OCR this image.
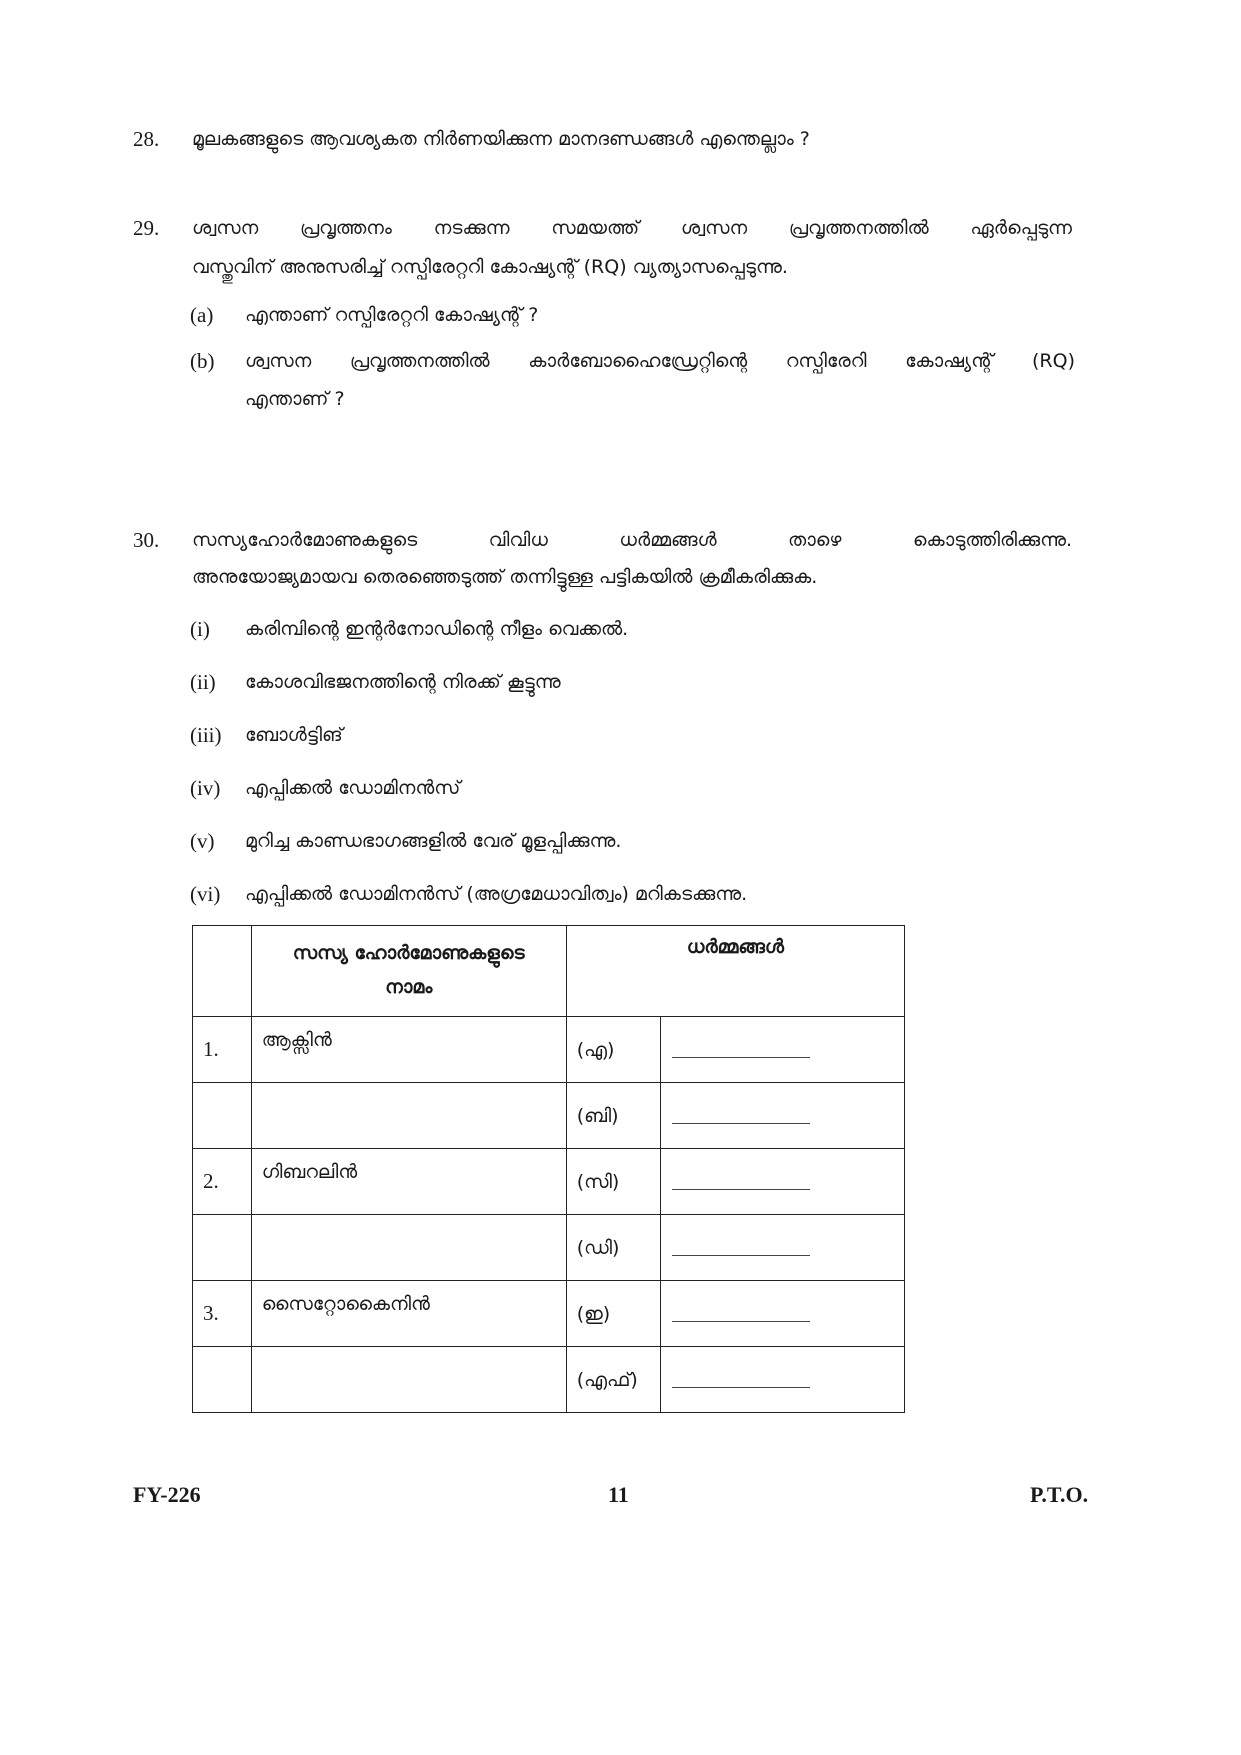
28. മൂലകങ്ങളുടെ ആവശ്യകത നിർണയിക്കുന്ന മാനദണ്ഡങ്ങൾ എന്തെല്ലാം ?
29. ശ്വസന പ്രവൃത്തനം നടക്കുന്ന സമയത്ത് ശ്വസന പ്രവൃത്തനത്തിൽ ഏർപ്പെടുന്ന
വസ്തുവിന് അനുസരിച്ച് റസ്പിരേറ്ററി കോഷ്യന്റ് (RQ) വ്യത്യാസപ്പെടുന്നു.
(a) എന്താണ് റസ്പിരേറ്ററി കോഷ്യന്റ് ?
(b) ശ്വസന പ്രവൃത്തനത്തിൽ കാർബോഹൈഡ്രേറ്റിന്റെ റസ്പിരേറി കോഷ്യന്റ് (RQ)
എന്താണ് ?
30. സസ്യഹോർമോണുകളുടെ വിവിധ ധർമ്മങ്ങൾ താഴെ കൊടുത്തിരിക്കുന്നു.
അനുയോജ്യമായവ തെരഞ്ഞെടുത്ത് തന്നിട്ടുള്ള പട്ടികയിൽ ക്രമീകരിക്കുക.
(i) കരിമ്പിന്റെ ഇന്റർനോഡിന്റെ നീളം വെക്കൽ.
(ii) കോശവിഭജനത്തിന്റെ നിരക്ക് കൂട്ടുന്നു
(iii) ബോൾട്ടിങ്
(iv) എപ്പിക്കൽ ഡോമിനൻസ്
(v) മുറിച്ച കാണ്ഡഭാഗങ്ങളിൽ വേര് മൂളപ്പിക്കുന്നു.
(vi) എപ്പിക്കൽ ഡോമിനൻസ് (അഗ്രമേധാവിത്വം) മറികടക്കുന്നു.
	സസ്യ ഹോർമോണുകളുടെ
നാമം	ധർമ്മങ്ങൾ	
1.	ആക്സിൻ	(എ)	
		(ബി)	
2.	ഗിബറലിൻ	(സി)	
		(ഡി)	
3.	സൈറ്റോകൈനിൻ	(ഇ)	
		(എഫ്)	
FY-226	11	P.T.O.
